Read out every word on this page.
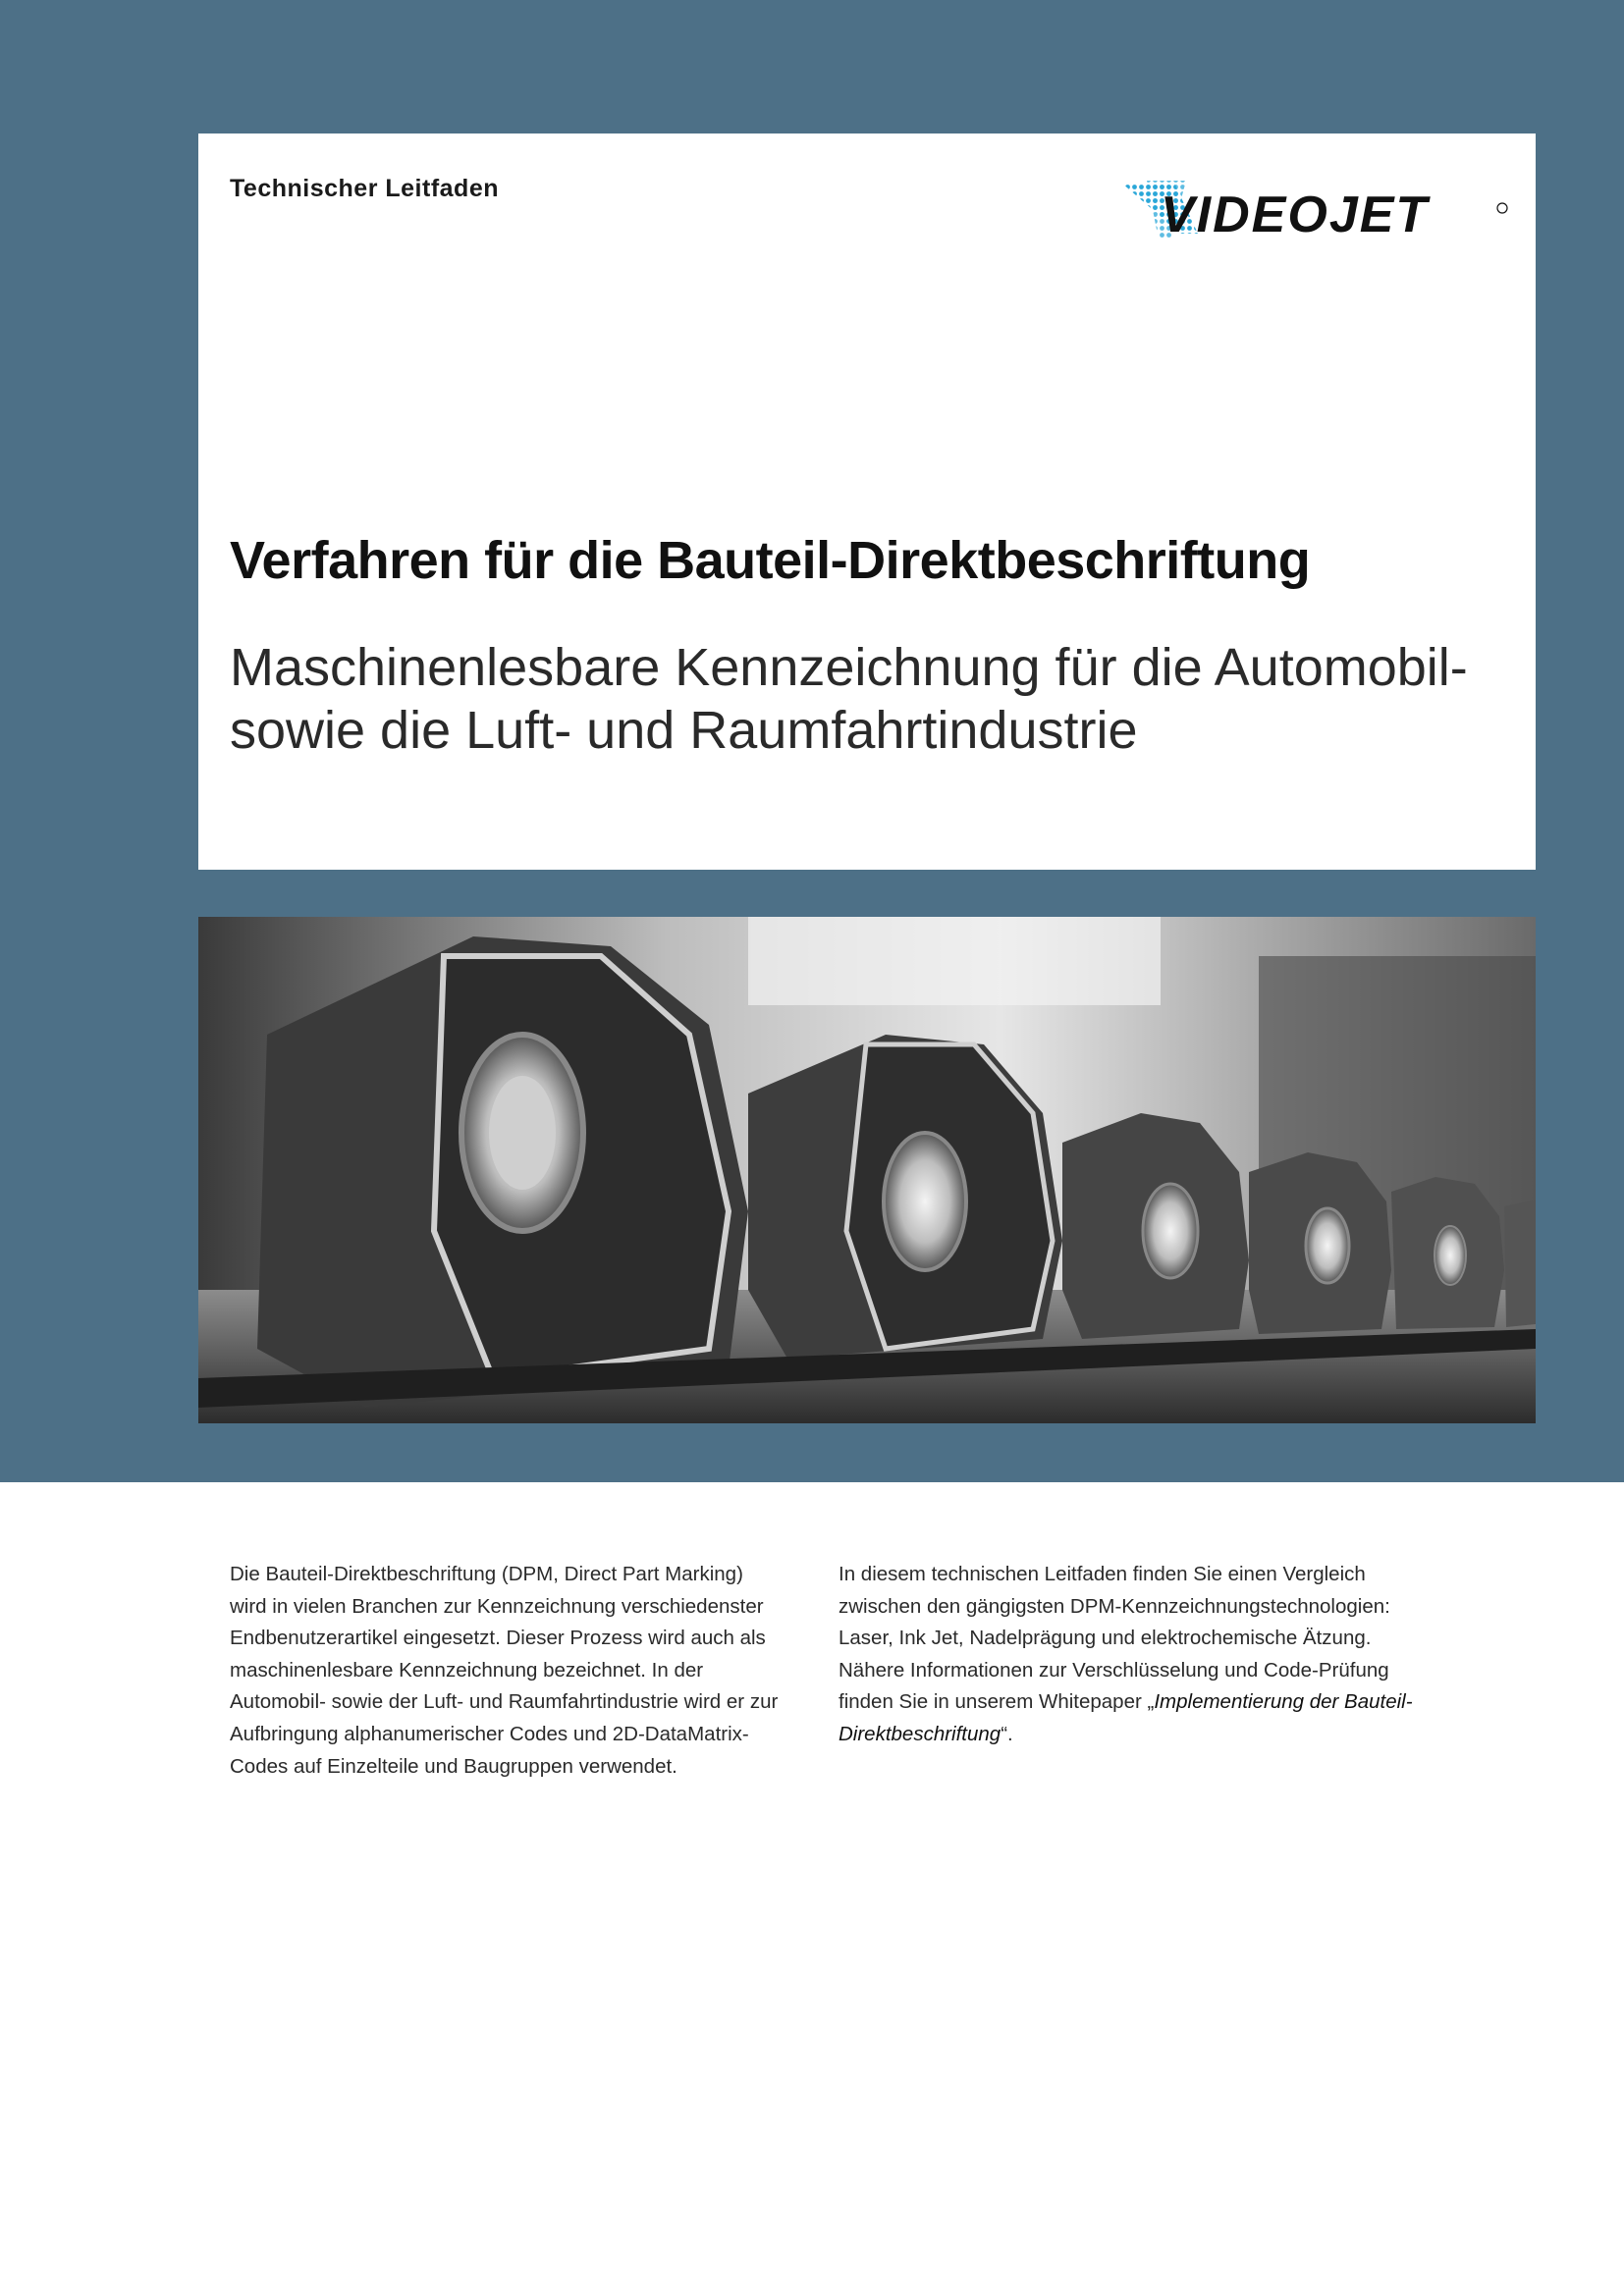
Technischer Leitfaden	VIDEOJET
Verfahren für die Bauteil-Direktbeschriftung
Maschinenlesbare Kennzeichnung für die Automobil-
sowie die Luft- und Raumfahrtindustrie
Die Bauteil-Direktbeschriftung (DPM, Direct Part Marking) wird in vielen Branchen zur Kennzeichnung verschiedenster Endbenutzerartikel eingesetzt. Dieser Prozess wird auch als maschinenlesbare Kennzeichnung bezeichnet. In der Automobil- sowie der Luft- und Raumfahrtindustrie wird er zur Aufbringung alphanumerischer Codes und 2D-DataMatrix-Codes auf Einzelteile und Baugruppen verwendet.
In diesem technischen Leitfaden finden Sie einen Vergleich zwischen den gängigsten DPM-Kennzeichnungstechnologien: Laser, Ink Jet, Nadelprägung und elektrochemische Ätzung. Nähere Informationen zur Verschlüsselung und Code-Prüfung finden Sie in unserem Whitepaper „Implementierung der Bauteil-Direktbeschriftung“.
